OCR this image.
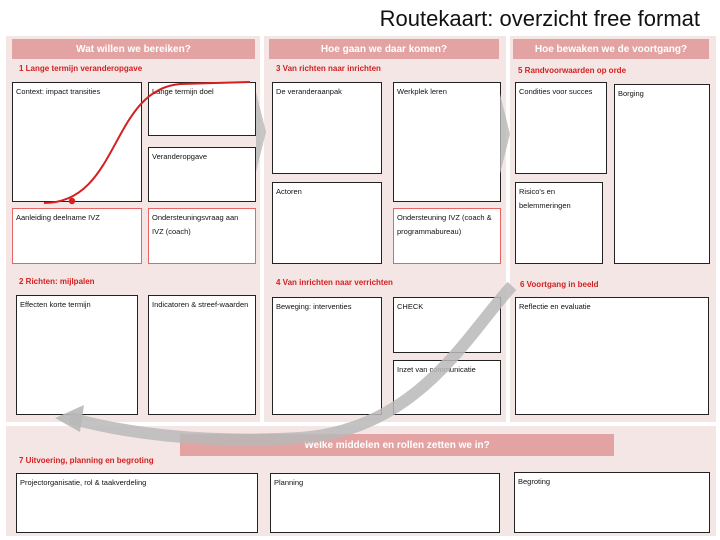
Routekaart: overzicht free format
Wat willen we bereiken?	Hoe gaan we daar komen?	Hoe bewaken we de voortgang?
1 Lange termijn veranderopgave	3 Van richten naar inrichten	5 Randvoorwaarden op orde
Context: impact transities	Lange termijn doel
Veranderopgave
Aanleiding deelname IVZ	Ondersteuningsvraag aan IVZ (coach)
De veranderaanpak	Werkplek leren
Actoren
Ondersteuning IVZ (coach & programmabureau)
Condities voor succes	Borging
Risico's en belemmeringen
2 Richten: mijlpalen	4 Van inrichten naar verrichten	6 Voortgang in beeld
Effecten korte termijn	Indicatoren & streef-waarden	Beweging: interventies	CHECK
Inzet van communicatie
Reflectie en evaluatie
Welke middelen en rollen zetten we in?
7 Uitvoering, planning en begroting
Projectorganisatie, rol & taakverdeling	Planning	Begroting
